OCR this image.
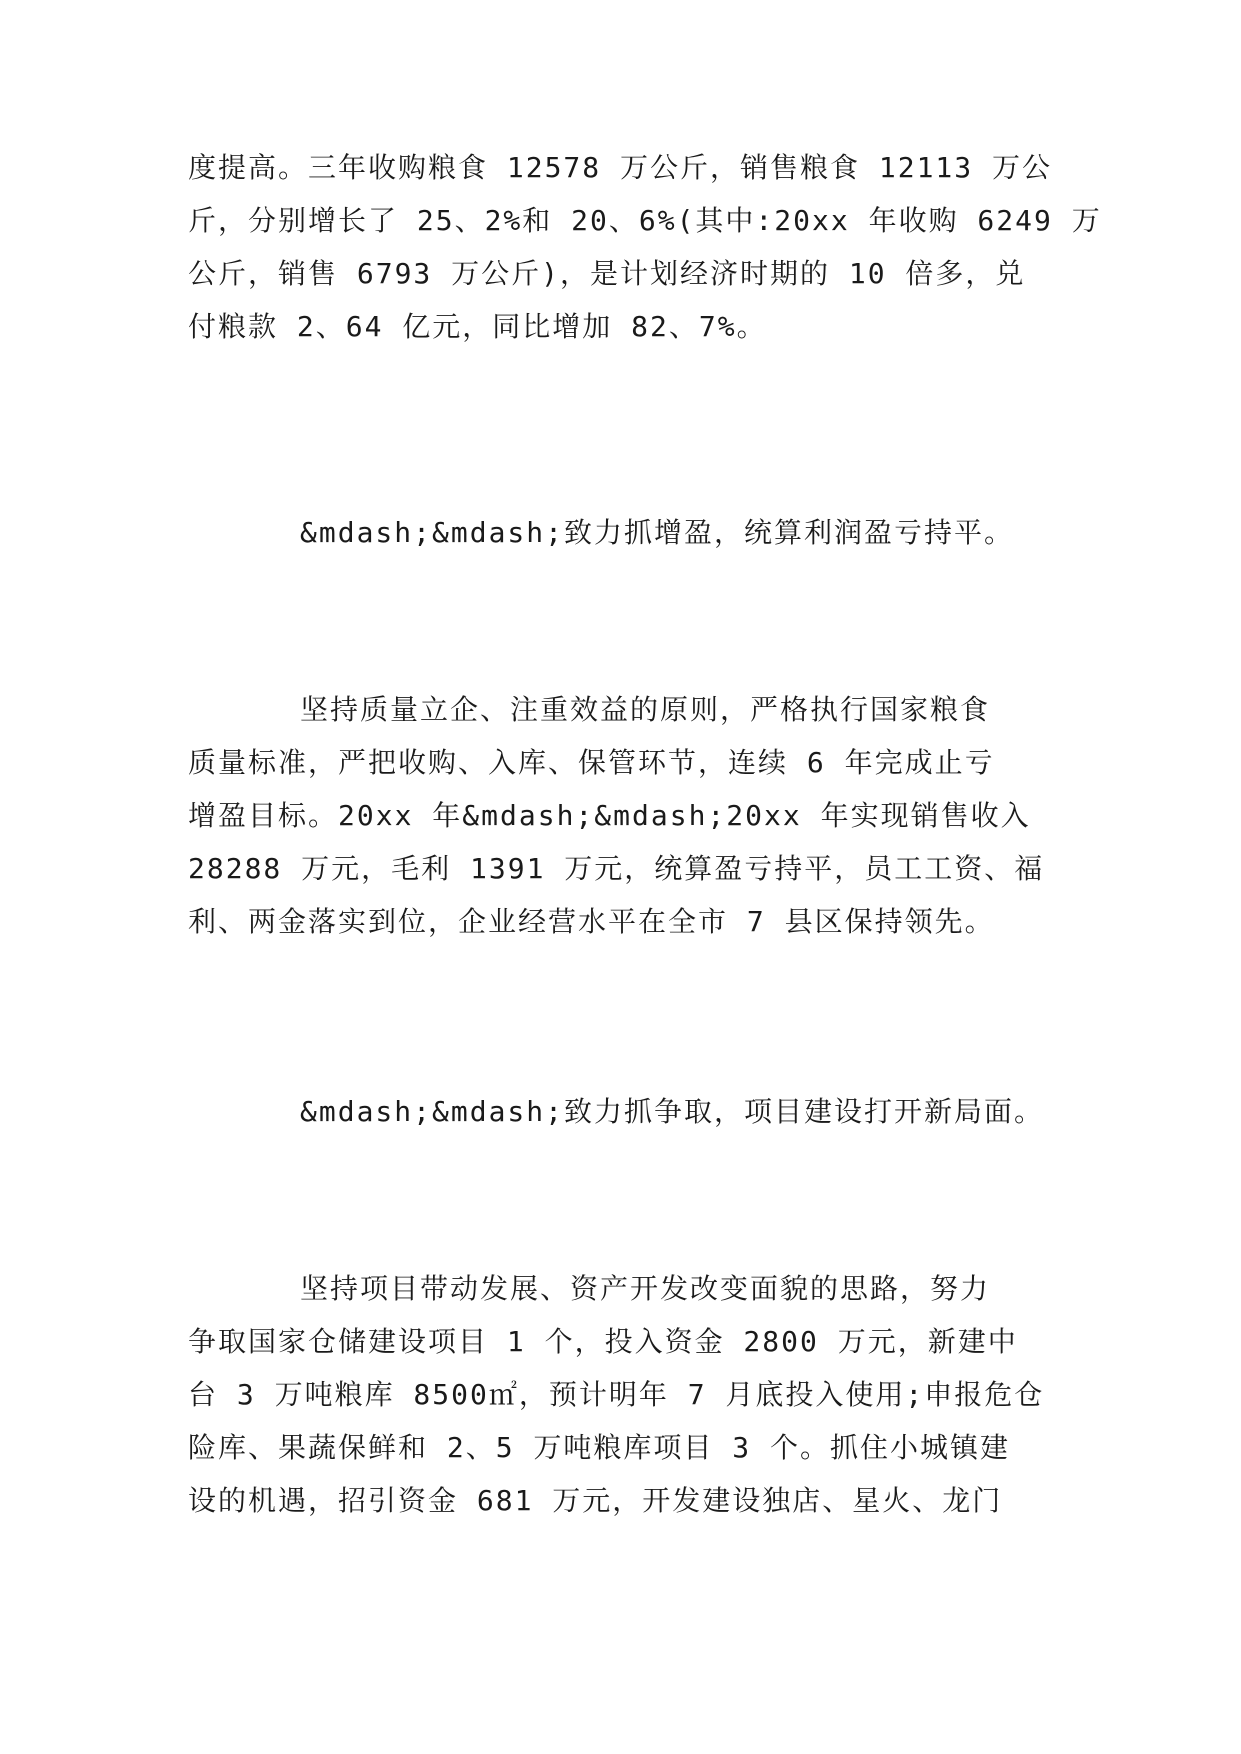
度提高。三年收购粮食 12578 万公斤，销售粮食 12113 万公
斤，分别增长了 25、2%和 20、6%(其中:20xx 年收购 6249 万
公斤，销售 6793 万公斤)，是计划经济时期的 10 倍多，兑
付粮款 2、64 亿元，同比增加 82、7%。
&mdash;&mdash;致力抓增盈，统算利润盈亏持平。
坚持质量立企、注重效益的原则，严格执行国家粮食
质量标准，严把收购、入库、保管环节，连续 6 年完成止亏
增盈目标。20xx 年&mdash;&mdash;20xx 年实现销售收入
28288 万元，毛利 1391 万元，统算盈亏持平，员工工资、福
利、两金落实到位，企业经营水平在全市 7 县区保持领先。
&mdash;&mdash;致力抓争取，项目建设打开新局面。
坚持项目带动发展、资产开发改变面貌的思路，努力
争取国家仓储建设项目 1 个，投入资金 2800 万元，新建中
台 3 万吨粮库 8500㎡，预计明年 7 月底投入使用;申报危仓
险库、果蔬保鲜和 2、5 万吨粮库项目 3 个。抓住小城镇建
设的机遇，招引资金 681 万元，开发建设独店、星火、龙门
